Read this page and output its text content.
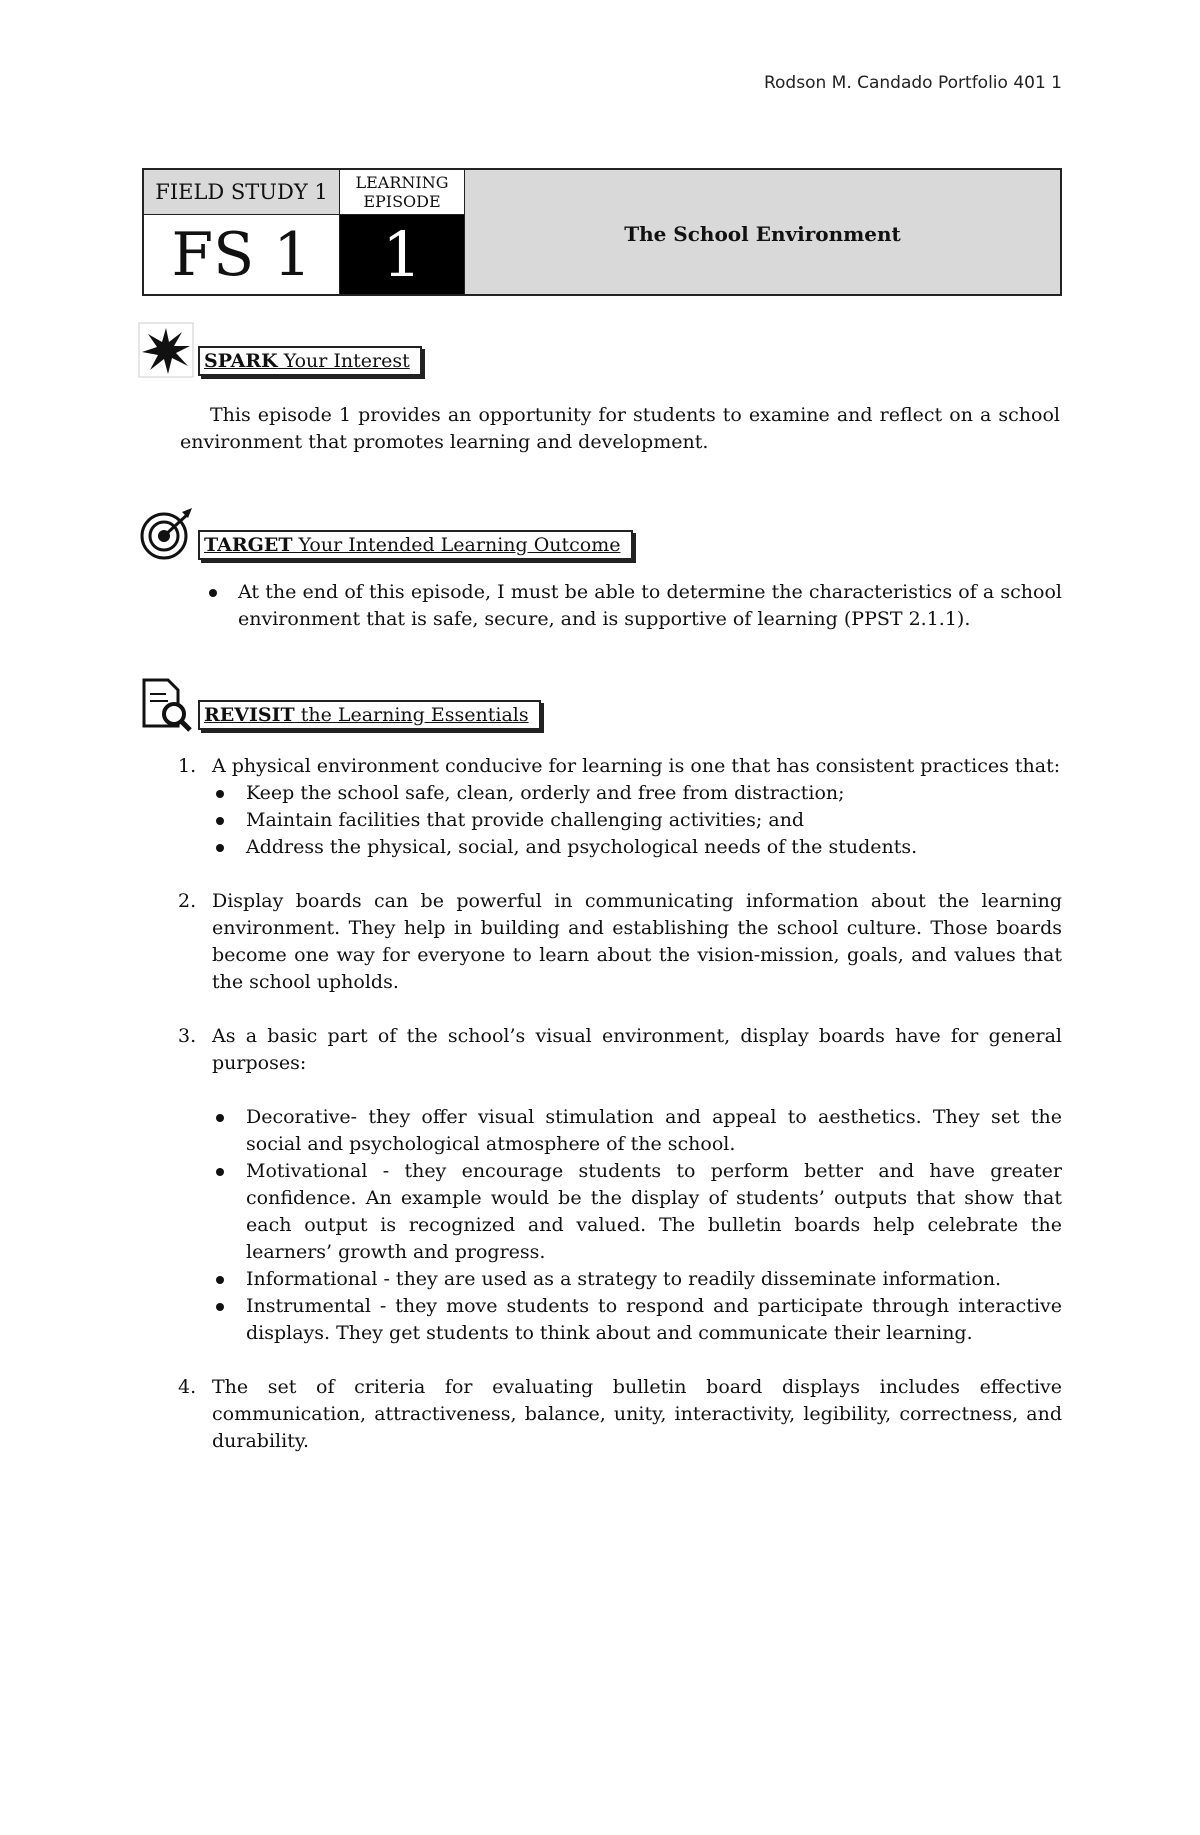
Rodson M. Candado Portfolio 401 1
FIELD STUDY 1
FS 1
LEARNING EPISODE
1	The School Environment
SPARK Your Interest
This episode 1 provides an opportunity for students to examine and reflect on a school environment that promotes learning and development.
TARGET Your Intended Learning Outcome
At the end of this episode, I must be able to determine the characteristics of a school environment that is safe, secure, and is supportive of learning (PPST 2.1.1).
REVISIT the Learning Essentials
1. A physical environment conducive for learning is one that has consistent practices that:
Keep the school safe, clean, orderly and free from distraction;
Maintain facilities that provide challenging activities; and
Address the physical, social, and psychological needs of the students.
2. Display boards can be powerful in communicating information about the learning environment. They help in building and establishing the school culture. Those boards become one way for everyone to learn about the vision-mission, goals, and values that the school upholds.
3. As a basic part of the school’s visual environment, display boards have for general purposes:
Decorative- they offer visual stimulation and appeal to aesthetics. They set the social and psychological atmosphere of the school.
Motivational - they encourage students to perform better and have greater confidence. An example would be the display of students’ outputs that show that each output is recognized and valued. The bulletin boards help celebrate the learners’ growth and progress.
Informational - they are used as a strategy to readily disseminate information.
Instrumental - they move students to respond and participate through interactive displays. They get students to think about and communicate their learning.
4. The set of criteria for evaluating bulletin board displays includes effective communication, attractiveness, balance, unity, interactivity, legibility, correctness, and durability.
